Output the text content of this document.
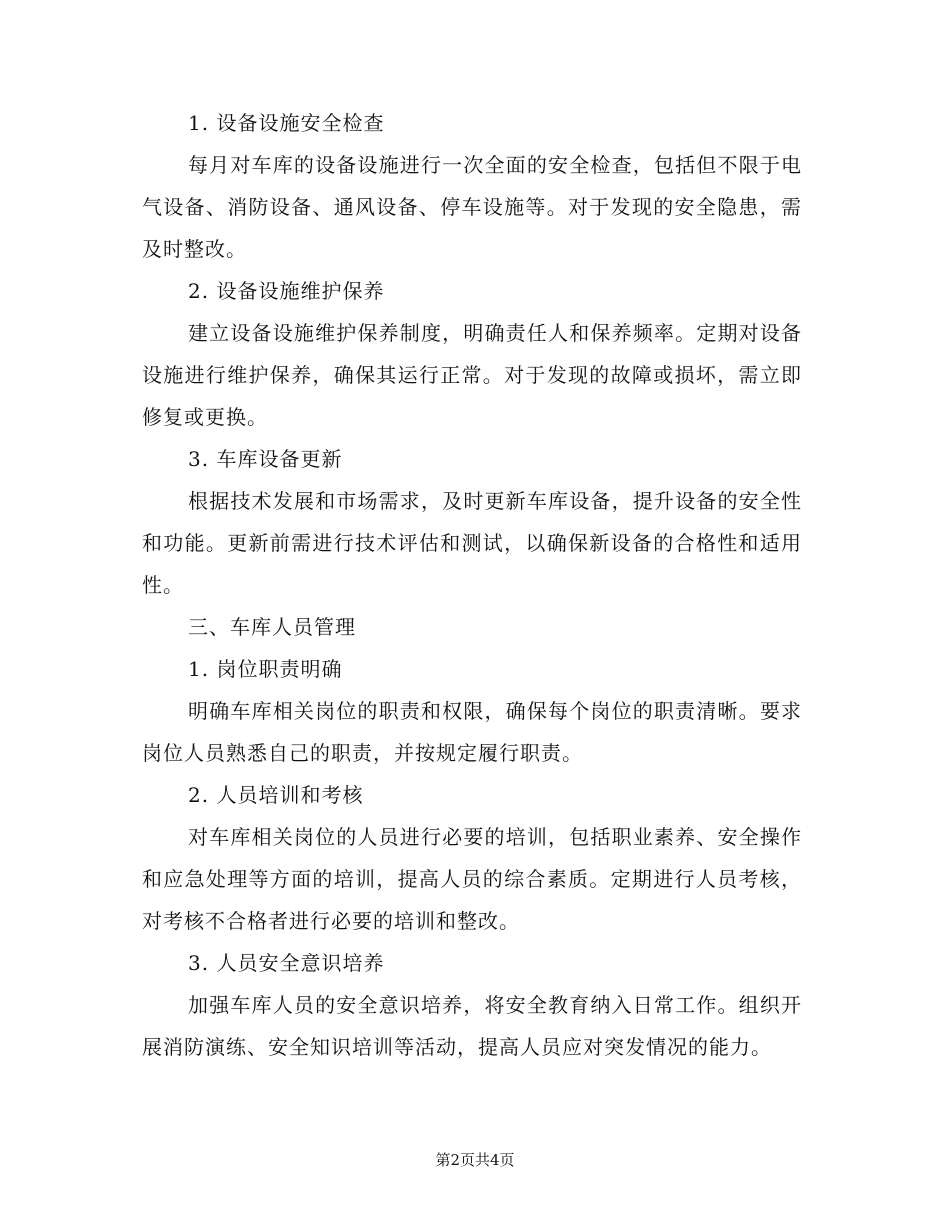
1. 设备设施安全检查

每月对车库的设备设施进行一次全面的安全检查，包括但不限于电气设备、消防设备、通风设备、停车设施等。对于发现的安全隐患，需及时整改。

2. 设备设施维护保养

建立设备设施维护保养制度，明确责任人和保养频率。定期对设备设施进行维护保养，确保其运行正常。对于发现的故障或损坏，需立即修复或更换。

3. 车库设备更新

根据技术发展和市场需求，及时更新车库设备，提升设备的安全性和功能。更新前需进行技术评估和测试，以确保新设备的合格性和适用性。

三、车库人员管理
1. 岗位职责明确

明确车库相关岗位的职责和权限，确保每个岗位的职责清晰。要求岗位人员熟悉自己的职责，并按规定履行职责。

2. 人员培训和考核

对车库相关岗位的人员进行必要的培训，包括职业素养、安全操作和应急处理等方面的培训，提高人员的综合素质。定期进行人员考核，对考核不合格者进行必要的培训和整改。

3. 人员安全意识培养

加强车库人员的安全意识培养，将安全教育纳入日常工作。组织开展消防演练、安全知识培训等活动，提高人员应对突发情况的能力。

第2页共4页
